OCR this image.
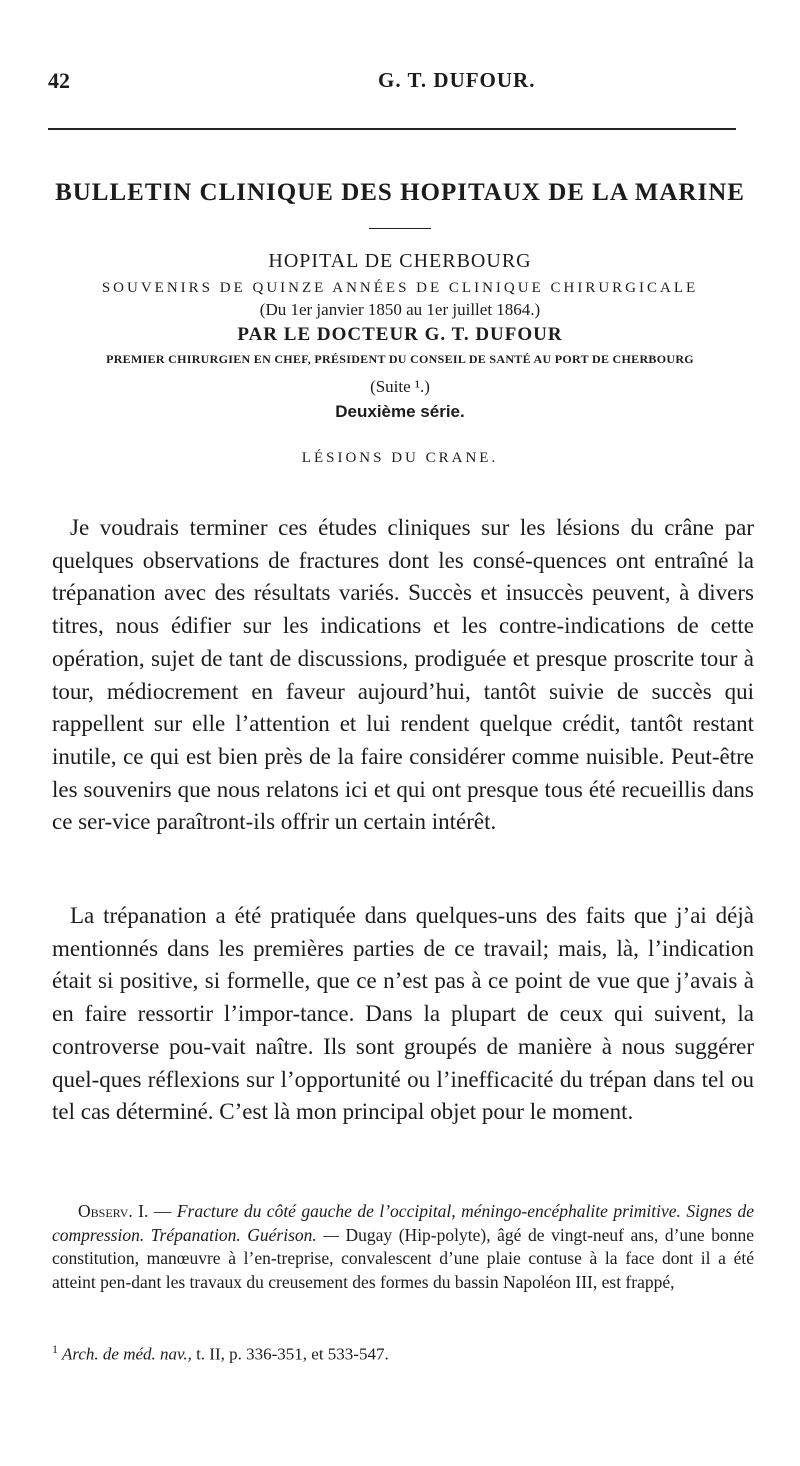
42	G. T. DUFOUR.

BULLETIN CLINIQUE DES HOPITAUX DE LA MARINE

HOPITAL DE CHERBOURG

SOUVENIRS DE QUINZE ANNÉES DE CLINIQUE CHIRURGICALE

(Du 1er janvier 1850 au 1er juillet 1864.)

PAR LE DOCTEUR G. T. DUFOUR

PREMIER CHIRURGIEN EN CHEF, PRÉSIDENT DU CONSEIL DE SANTÉ AU PORT DE CHERBOURG

(Suite ¹.)

Deuxième série.

LÉSIONS DU CRANE.

Je voudrais terminer ces études cliniques sur les lésions du crâne par quelques observations de fractures dont les consé-quences ont entraîné la trépanation avec des résultats variés. Succès et insuccès peuvent, à divers titres, nous édifier sur les indications et les contre-indications de cette opération, sujet de tant de discussions, prodiguée et presque proscrite tour à tour, médiocrement en faveur aujourd’hui, tantôt suivie de succès qui rappellent sur elle l’attention et lui rendent quelque crédit, tantôt restant inutile, ce qui est bien près de la faire considérer comme nuisible. Peut-être les souvenirs que nous relatons ici et qui ont presque tous été recueillis dans ce ser-vice paraîtront-ils offrir un certain intérêt.

La trépanation a été pratiquée dans quelques-uns des faits que j’ai déjà mentionnés dans les premières parties de ce travail; mais, là, l’indication était si positive, si formelle, que ce n’est pas à ce point de vue que j’avais à en faire ressortir l’impor-tance. Dans la plupart de ceux qui suivent, la controverse pou-vait naître. Ils sont groupés de manière à nous suggérer quel-ques réflexions sur l’opportunité ou l’inefficacité du trépan dans tel ou tel cas déterminé. C’est là mon principal objet pour le moment.

Observ. I. — Fracture du côté gauche de l’occipital, méningo-encéphalite primitive. Signes de compression. Trépanation. Guérison. — Dugay (Hip-polyte), âgé de vingt-neuf ans, d’une bonne constitution, manœuvre à l’en-treprise, convalescent d’une plaie contuse à la face dont il a été atteint pen-dant les travaux du creusement des formes du bassin Napoléon III, est frappé,

$^1$ Arch. de méd. nav., t. II, p. 336-351, et 533-547.
